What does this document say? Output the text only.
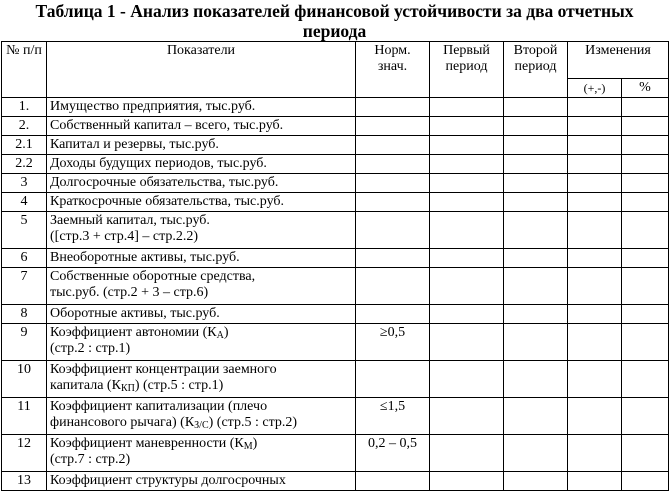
Таблица 1 - Анализ показателей финансовой устойчивости за два отчетных
периода
№ п/п	Показатели	Норм. знач.	Первый период	Второй период	Изменения	
					(+,-)	%
1.	Имущество предприятия, тыс.руб.					
2.	Собственный капитал – всего, тыс.руб.					
2.1	Капитал и резервы, тыс.руб.					
2.2	Доходы будущих периодов, тыс.руб.					
3	Долгосрочные обязательства, тыс.руб.					
4	Краткосрочные обязательства, тыс.руб.					
5	Заемный капитал, тыс.руб.
([стр.3 + стр.4] – стр.2.2)					

6	Внеоборотные активы, тыс.руб.					
7	Собственные оборотные средства,
тыс.руб. (стр.2 + 3 – стр.6)					

8	Оборотные активы, тыс.руб.					
9	Коэффициент автономии $(К_А)$
(стр.2 : стр.1)	≥0,5				
10	Коэффициент концентрации заемного
капитала $(К_{КП})$ (стр.5 : стр.1)					

11	Коэффициент капитализации (плечо
финансового рычага) $(К_{З/С})$ (стр.5 : стр.2)	≤1,5				
12	Коэффициент маневренности $(К_М)$
(стр.7 : стр.2)	0,2 – 0,5				
13	Коэффициент структуры долгосрочных					
